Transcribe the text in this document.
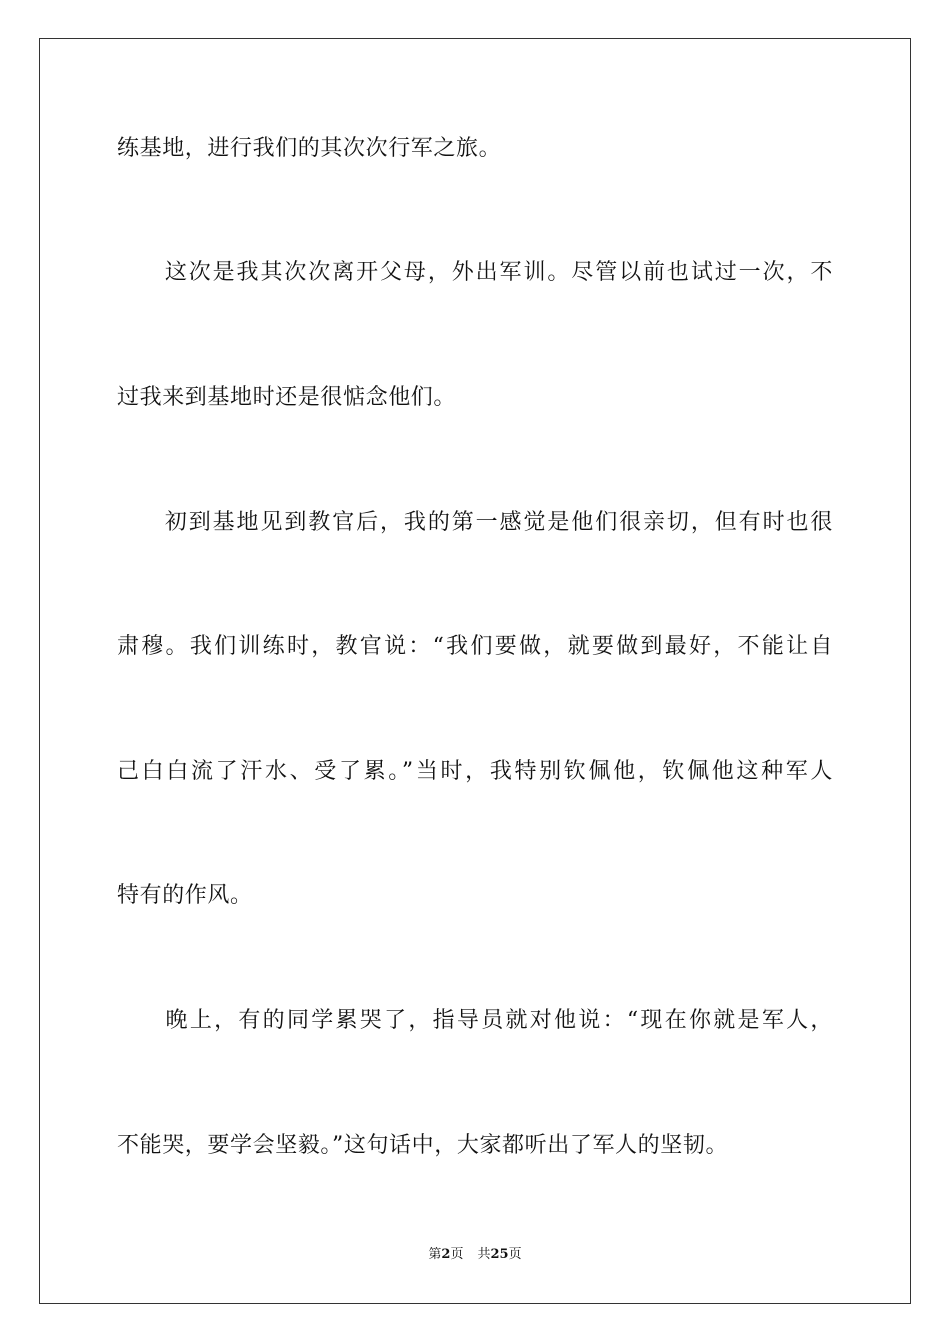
练基地，进行我们的其次次行军之旅。
　　这次是我其次次离开父母，外出军训。尽管以前也试过一次，不
过我来到基地时还是很惦念他们。
　　初到基地见到教官后，我的第一感觉是他们很亲切，但有时也很
肃穆。我们训练时，教官说：“我们要做，就要做到最好，不能让自
己白白流了汗水、受了累。”当时，我特别钦佩他，钦佩他这种军人
特有的作风。
　　晚上，有的同学累哭了，指导员就对他说：“现在你就是军人，
不能哭，要学会坚毅。”这句话中，大家都听出了军人的坚韧。
第2页 共25页
